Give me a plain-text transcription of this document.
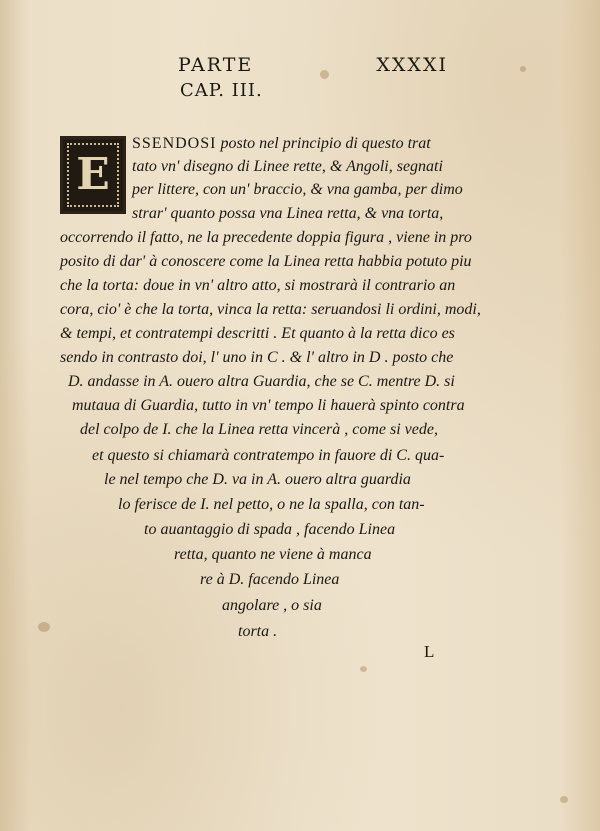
PARTE	XXXXI
CAP. III.
E
SSENDOSI posto nel principio di questo trat
tato vn' disegno di Linee rette, & Angoli, segnati
per littere, con un' braccio, & vna gamba, per dimo
strar' quanto possa vna Linea retta, & vna torta,
occorrendo il fatto, ne la precedente doppia figura , viene in pro
posito di dar' à conoscere come la Linea retta habbia potuto piu
che la torta: doue in vn' altro atto, si mostrarà il contrario an
cora, cio' è che la torta, vinca la retta: seruandosi li ordini, modi,
& tempi, et contratempi descritti . Et quanto à la retta dico es
sendo in contrasto doi, l' uno in C . & l' altro in D . posto che
D. andasse in A. ouero altra Guardia, che se C. mentre D. si
mutaua di Guardia, tutto in vn' tempo li hauerà spinto contra
del colpo de I. che la Linea retta vincerà , come si vede,
et questo si chiamarà contratempo in fauore di C. qua-
le nel tempo che D. va in A. ouero altra guardia
lo ferisce de I. nel petto, o ne la spalla, con tan-
to auantaggio di spada , facendo Linea
retta, quanto ne viene à manca
re à D. facendo Linea
angolare , o sia
torta .
L
